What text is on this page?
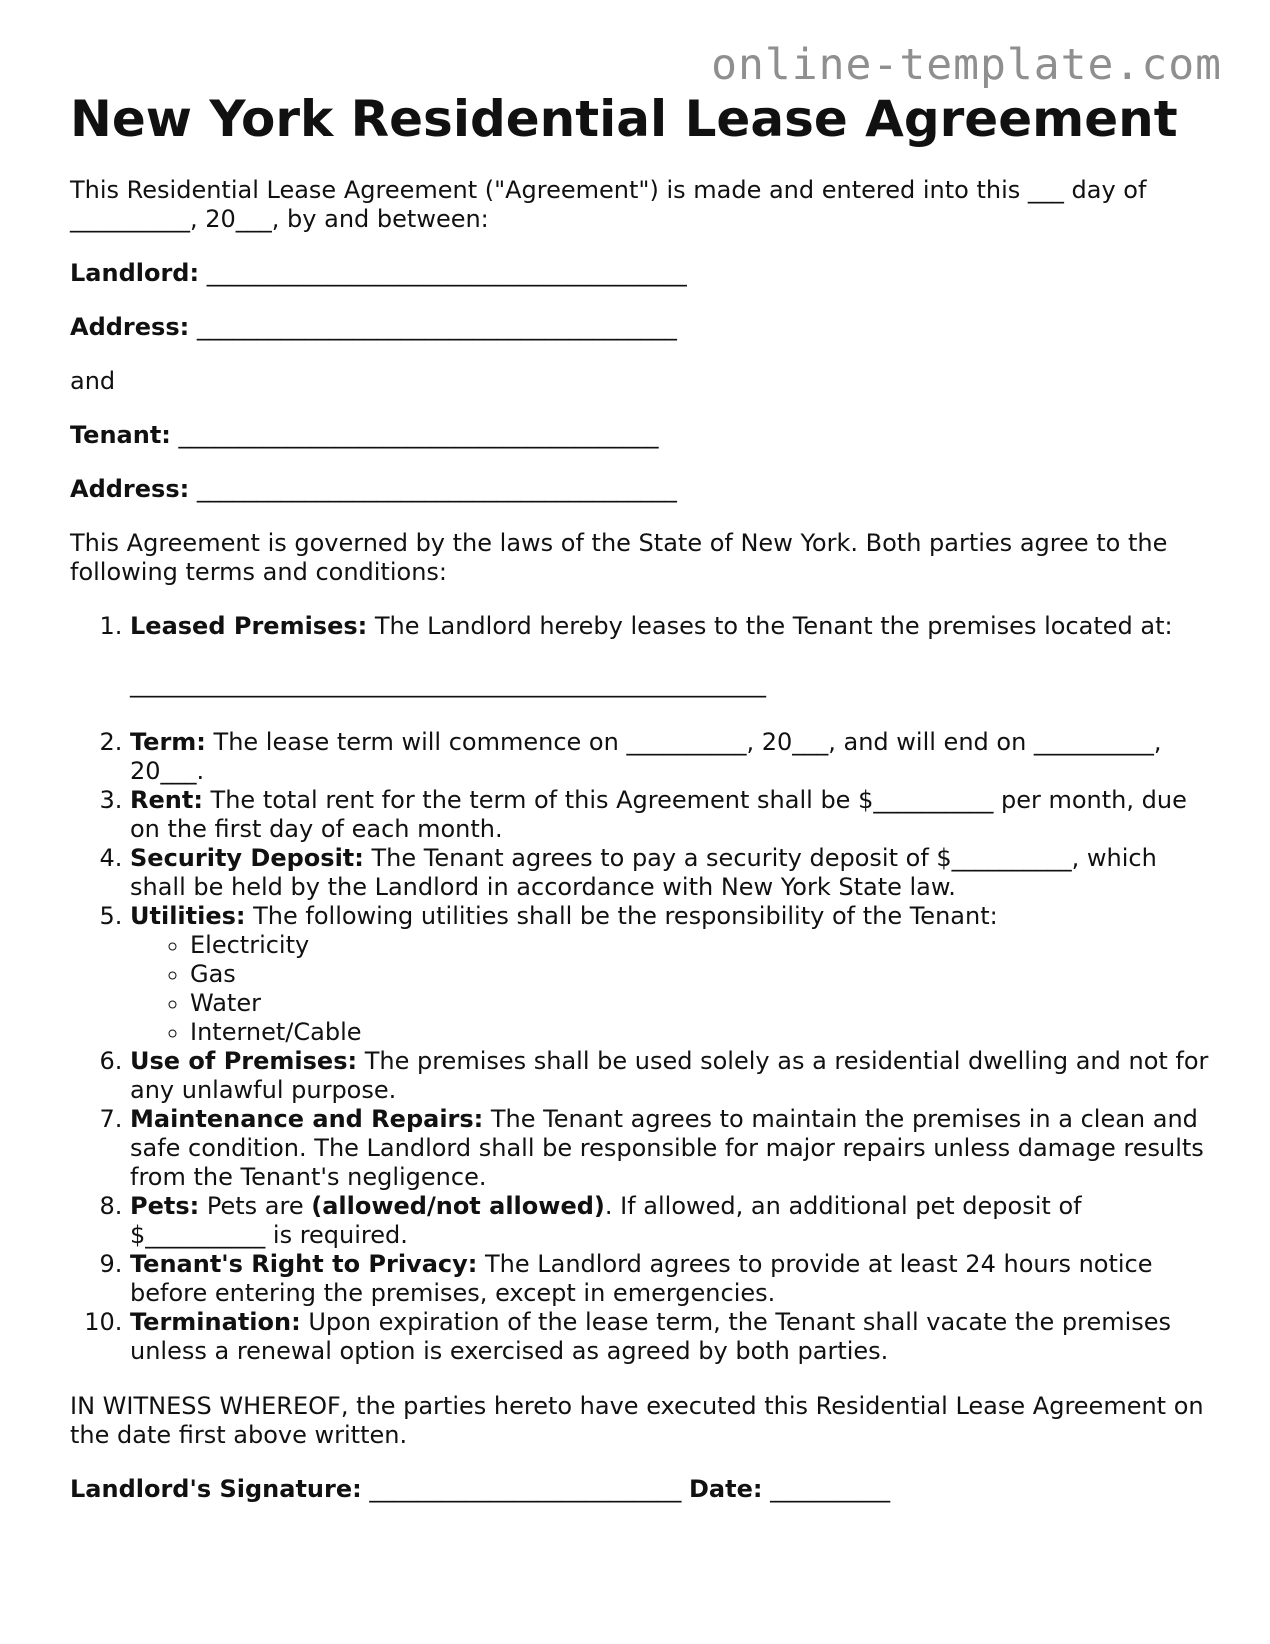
online-template.com
New York Residential Lease Agreement

This Residential Lease Agreement ("Agreement") is made and entered into this ___ day of __________, 20___, by and between:

Landlord: ________________________________________

Address: ________________________________________

and

Tenant: ________________________________________

Address: ________________________________________

This Agreement is governed by the laws of the State of New York. Both parties agree to the following terms and conditions:

1. Leased Premises: The Landlord hereby leases to the Tenant the premises located at:
_____________________________________________________
2. Term: The lease term will commence on __________, 20___, and will end on __________, 20___.
3. Rent: The total rent for the term of this Agreement shall be $__________ per month, due on the first day of each month.
4. Security Deposit: The Tenant agrees to pay a security deposit of $__________, which shall be held by the Landlord in accordance with New York State law.
5. Utilities: The following utilities shall be the responsibility of the Tenant:
◦ Electricity
◦ Gas
◦ Water
◦ Internet/Cable
6. Use of Premises: The premises shall be used solely as a residential dwelling and not for any unlawful purpose.
7. Maintenance and Repairs: The Tenant agrees to maintain the premises in a clean and safe condition. The Landlord shall be responsible for major repairs unless damage results from the Tenant's negligence.
8. Pets: Pets are (allowed/not allowed). If allowed, an additional pet deposit of $__________ is required.
9. Tenant's Right to Privacy: The Landlord agrees to provide at least 24 hours notice before entering the premises, except in emergencies.
10. Termination: Upon expiration of the lease term, the Tenant shall vacate the premises unless a renewal option is exercised as agreed by both parties.

IN WITNESS WHEREOF, the parties hereto have executed this Residential Lease Agreement on the date first above written.

Landlord's Signature: __________________________ Date: __________
